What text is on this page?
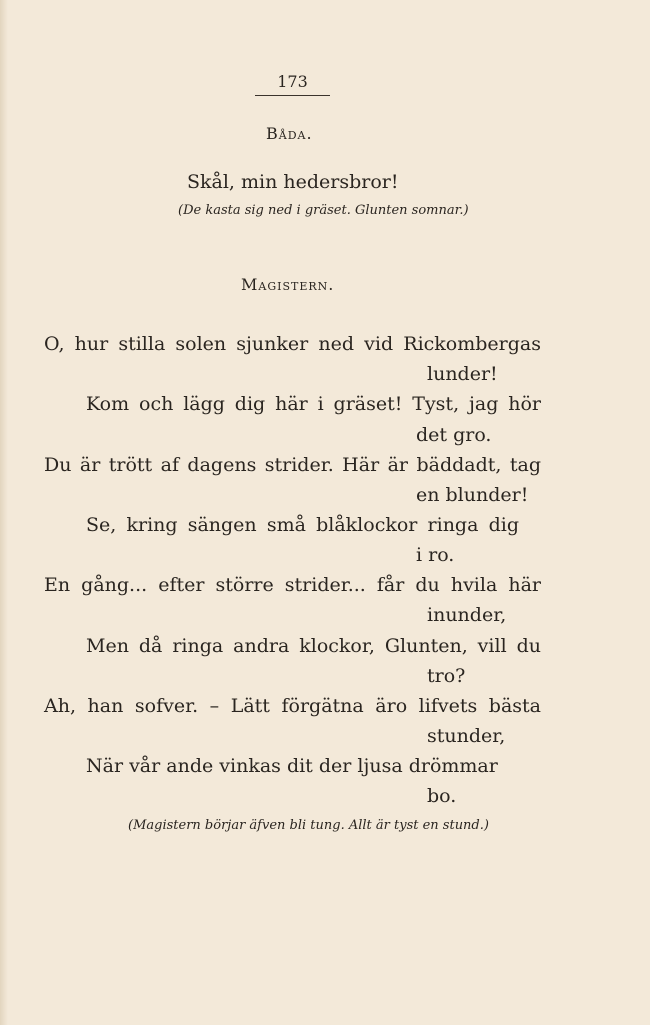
173
Båda.
Skål, min hedersbror!
(De kasta sig ned i gräset. Glunten somnar.)
Magistern.
O, hur stilla solen sjunker ned vid Rickombergas
lunder!
Kom och lägg dig här i gräset! Tyst, jag hör
det gro.
Du är trött af dagens strider. Här är bäddadt, tag
en blunder!
Se, kring sängen små blåklockor ringa dig
i ro.
En gång... efter större strider... får du hvila här
inunder,
Men då ringa andra klockor, Glunten, vill du
tro?
Ah, han sofver. – Lätt förgätna äro lifvets bästa
stunder,
När vår ande vinkas dit der ljusa drömmar
bo.
(Magistern börjar äfven bli tung. Allt är tyst en stund.)
